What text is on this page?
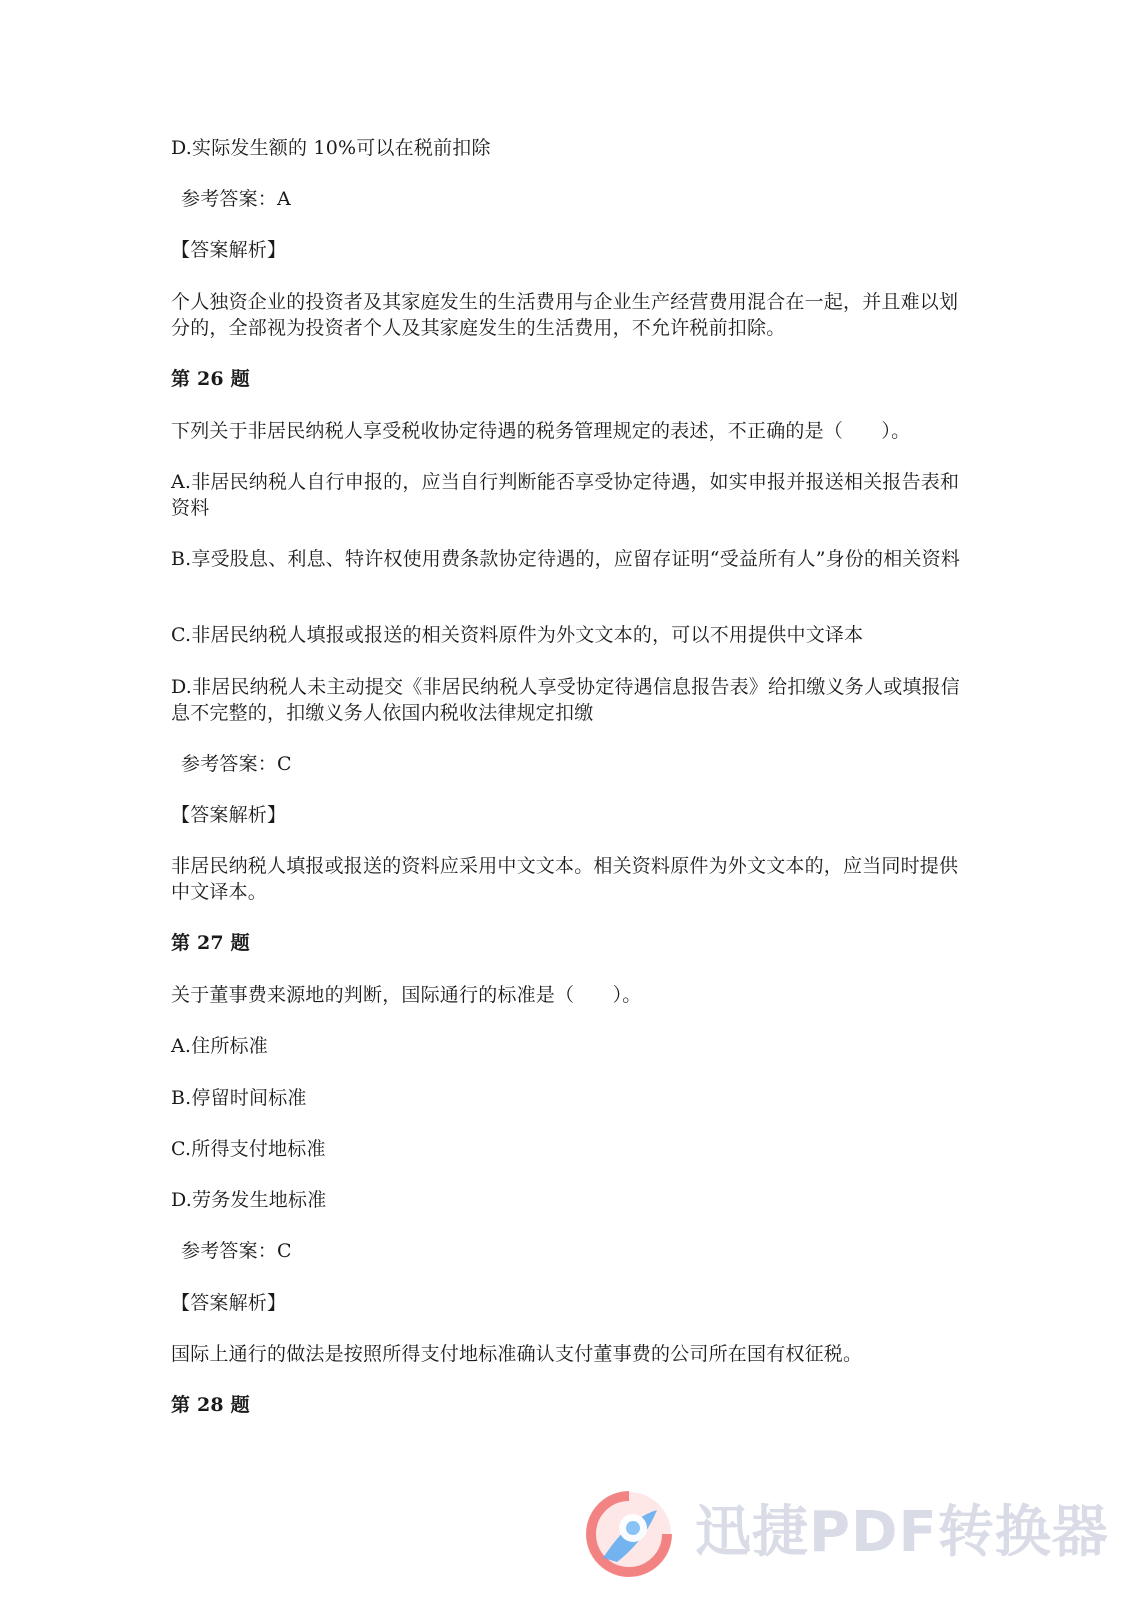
D.实际发生额的 10%可以在税前扣除
参考答案：A
【答案解析】
个人独资企业的投资者及其家庭发生的生活费用与企业生产经营费用混合在一起，并且难以划分的，全部视为投资者个人及其家庭发生的生活费用，不允许税前扣除。
第 26 题
下列关于非居民纳税人享受税收协定待遇的税务管理规定的表述，不正确的是（　　）。
A.非居民纳税人自行申报的，应当自行判断能否享受协定待遇，如实申报并报送相关报告表和资料
B.享受股息、利息、特许权使用费条款协定待遇的，应留存证明“受益所有人”身份的相关资料
C.非居民纳税人填报或报送的相关资料原件为外文文本的，可以不用提供中文译本
D.非居民纳税人未主动提交《非居民纳税人享受协定待遇信息报告表》给扣缴义务人或填报信息不完整的，扣缴义务人依国内税收法律规定扣缴
参考答案：C
【答案解析】
非居民纳税人填报或报送的资料应采用中文文本。相关资料原件为外文文本的，应当同时提供中文译本。
第 27 题
关于董事费来源地的判断，国际通行的标准是（　　）。
A.住所标准
B.停留时间标准
C.所得支付地标准
D.劳务发生地标准
参考答案：C
【答案解析】
国际上通行的做法是按照所得支付地标准确认支付董事费的公司所在国有权征税。
第 28 题
迅捷PDF转换器
